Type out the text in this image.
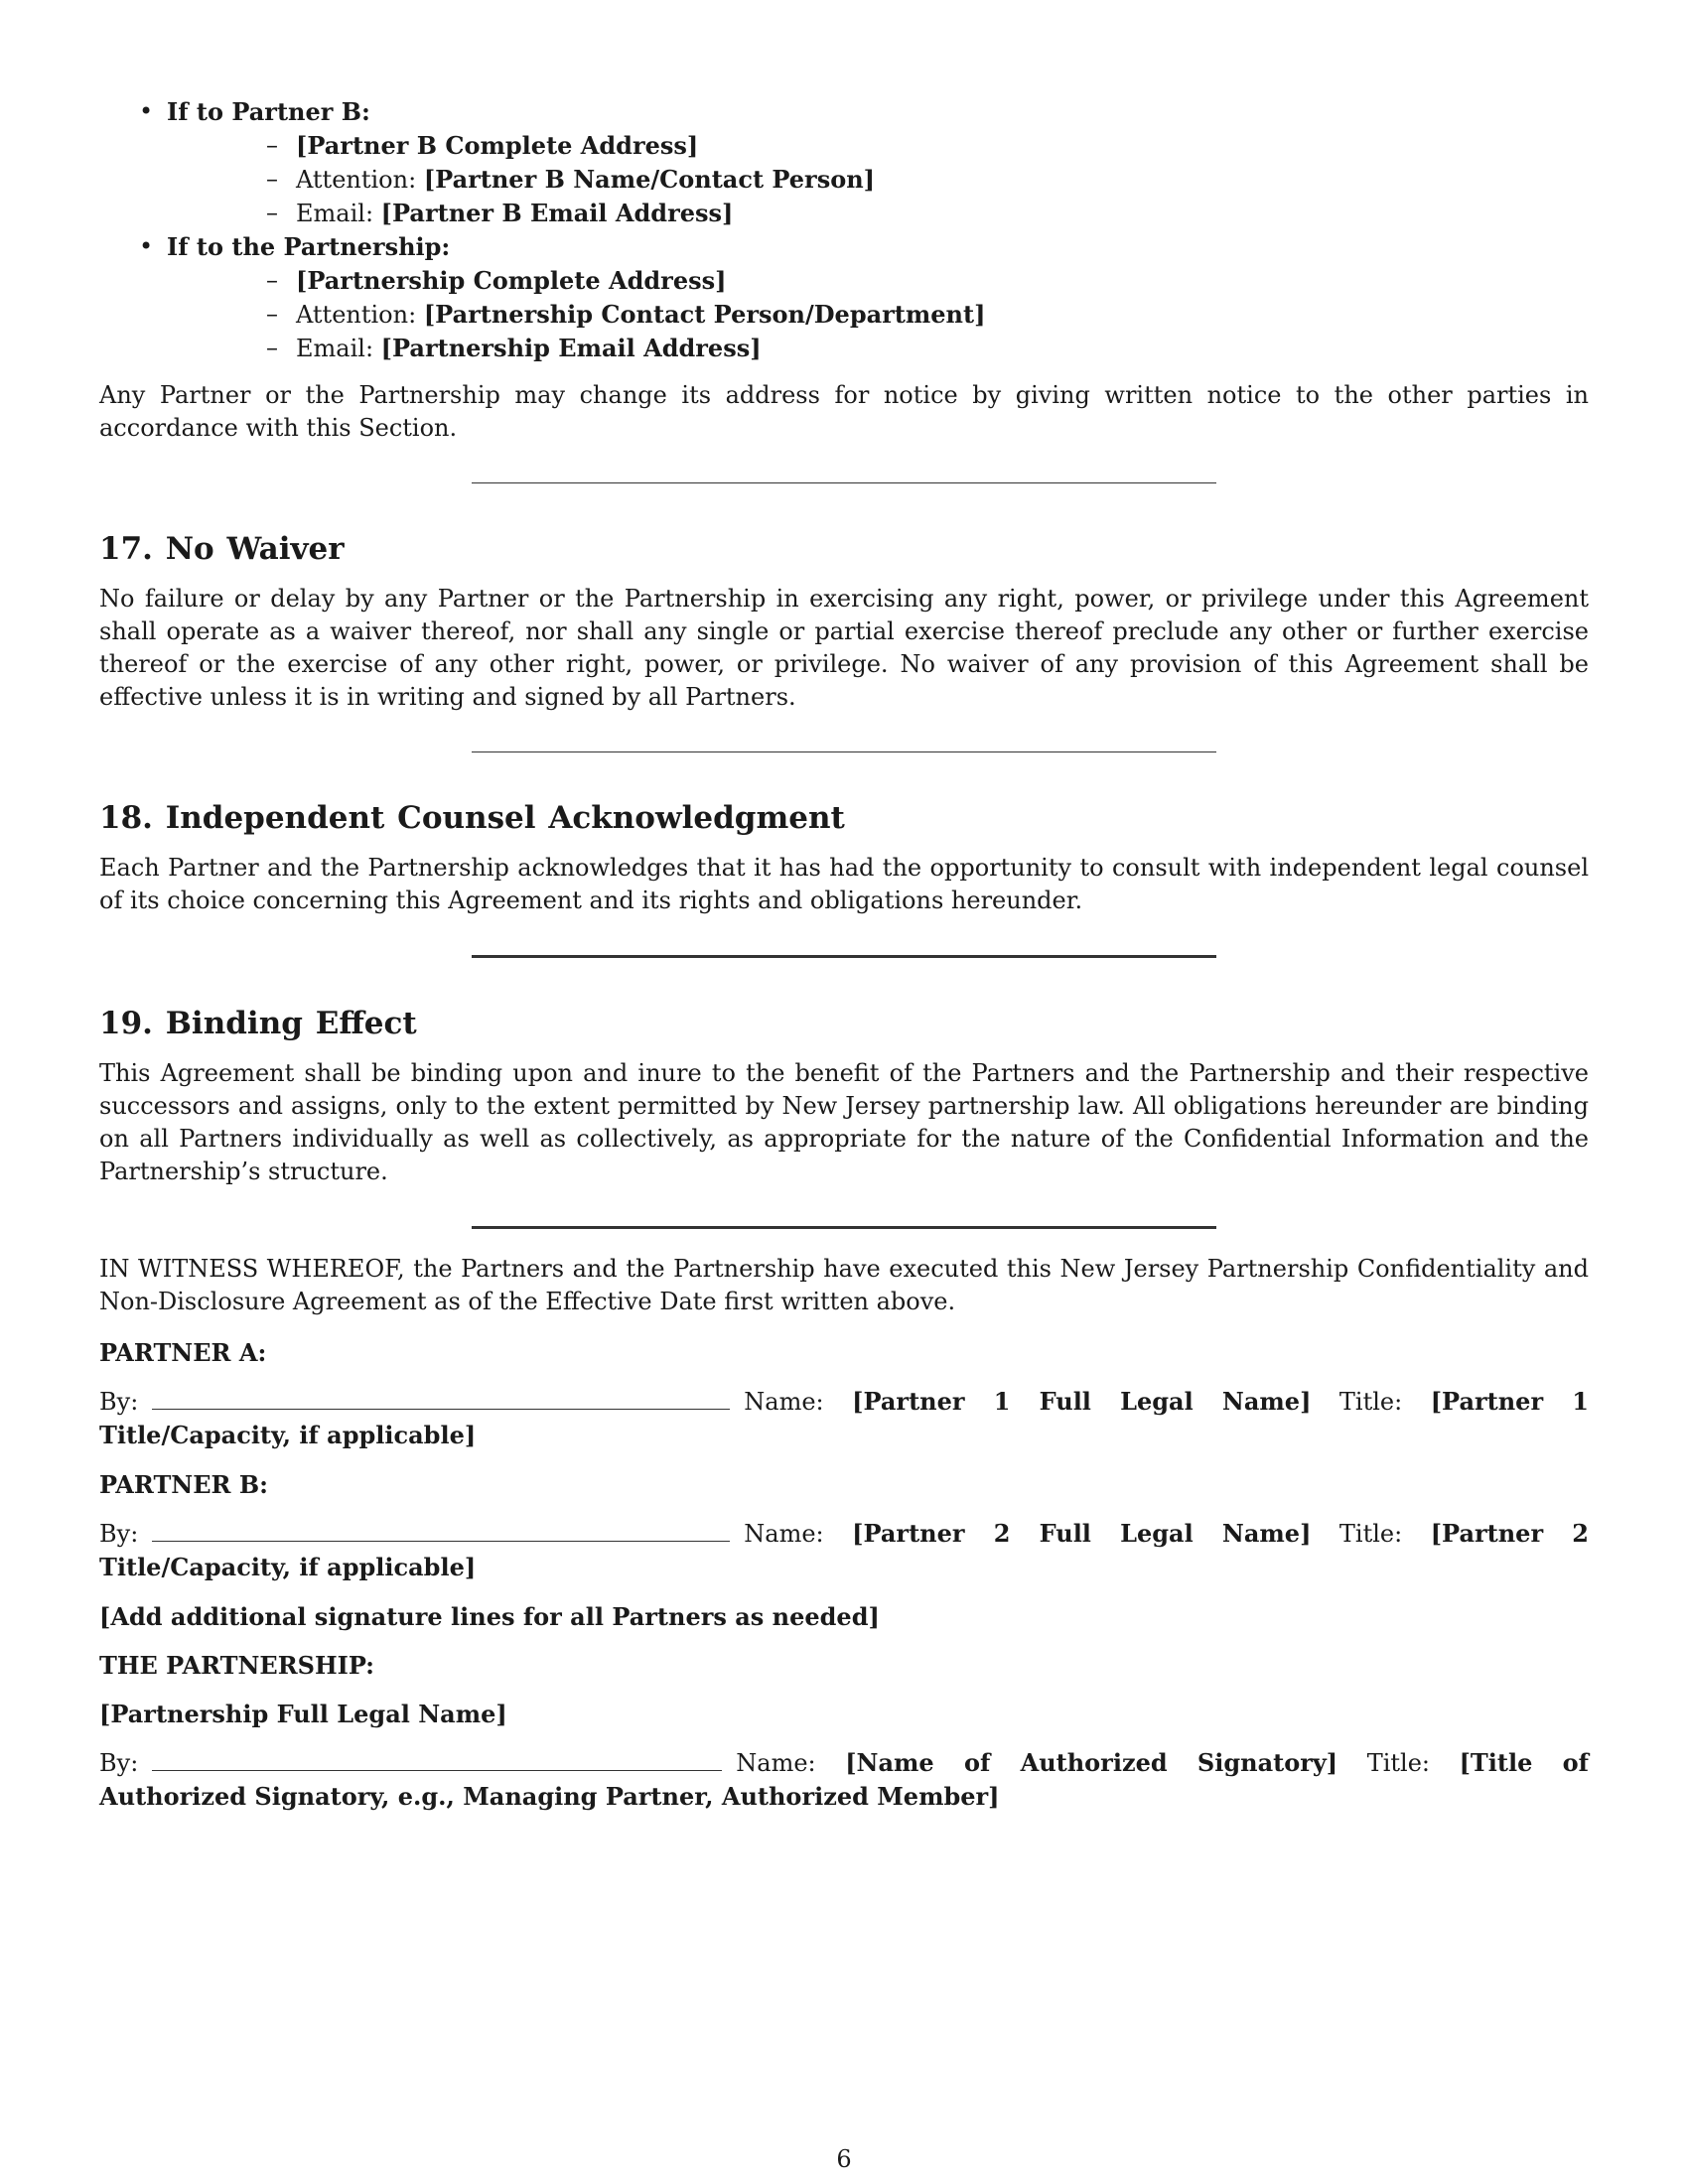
• If to Partner B:
– [Partner B Complete Address]
– Attention: [Partner B Name/Contact Person]
– Email: [Partner B Email Address]
• If to the Partnership:
– [Partnership Complete Address]
– Attention: [Partnership Contact Person/Department]
– Email: [Partnership Email Address]

Any Partner or the Partnership may change its address for notice by giving written notice to the other parties in accordance with this Section.

17. No Waiver

No failure or delay by any Partner or the Partnership in exercising any right, power, or privilege under this Agreement shall operate as a waiver thereof, nor shall any single or partial exercise thereof preclude any other or further exercise thereof or the exercise of any other right, power, or privilege. No waiver of any provision of this Agreement shall be effective unless it is in writing and signed by all Partners.

18. Independent Counsel Acknowledgment

Each Partner and the Partnership acknowledges that it has had the opportunity to consult with independent legal counsel of its choice concerning this Agreement and its rights and obligations hereunder.

19. Binding Effect

This Agreement shall be binding upon and inure to the benefit of the Partners and the Partnership and their respective successors and assigns, only to the extent permitted by New Jersey partnership law. All obligations hereunder are binding on all Partners individually as well as collectively, as appropriate for the nature of the Confidential Information and the Partnership’s structure.

IN WITNESS WHEREOF, the Partners and the Partnership have executed this New Jersey Partnership Confidentiality and Non-Disclosure Agreement as of the Effective Date first written above.

PARTNER A:

By:	Name: [Partner 1 Full Legal Name] Title: [Partner 1 Title/Capacity, if applicable]

PARTNER B:

By:	Name: [Partner 2 Full Legal Name] Title: [Partner 2 Title/Capacity, if applicable]

[Add additional signature lines for all Partners as needed]

THE PARTNERSHIP:

[Partnership Full Legal Name]

By:	Name: [Name of Authorized Signatory] Title: [Title of Authorized Signatory, e.g., Managing Partner, Authorized Member]

6
